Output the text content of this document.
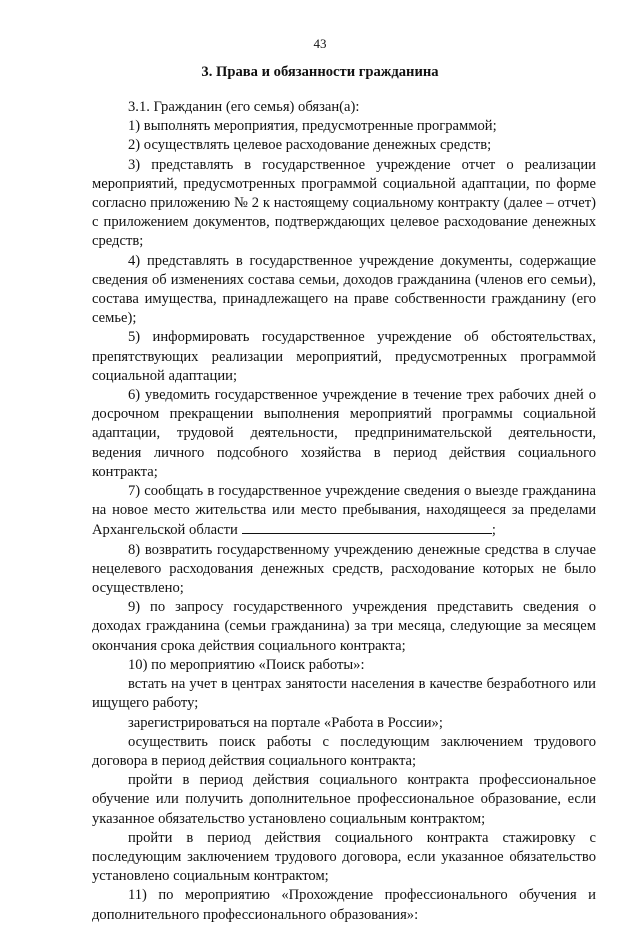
43
3. Права и обязанности гражданина

3.1. Гражданин (его семья) обязан(а):

1) выполнять мероприятия, предусмотренные программой;

2) осуществлять целевое расходование денежных средств;

3) представлять в государственное учреждение отчет о реализации мероприятий, предусмотренных программой социальной адаптации, по форме согласно приложению № 2 к настоящему социальному контракту (далее – отчет) с приложением документов, подтверждающих целевое расходование денежных средств;

4) представлять в государственное учреждение документы, содержащие сведения об изменениях состава семьи, доходов гражданина (членов его семьи), состава имущества, принадлежащего на праве собственности гражданину (его семье);

5) информировать государственное учреждение об обстоятельствах, препятствующих реализации мероприятий, предусмотренных программой социальной адаптации;

6) уведомить государственное учреждение в течение трех рабочих дней о досрочном прекращении выполнения мероприятий программы социальной адаптации, трудовой деятельности, предпринимательской деятельности, ведения личного подсобного хозяйства в период действия социального контракта;

7) сообщать в государственное учреждение сведения о выезде гражданина на новое место жительства или место пребывания, находящееся за пределами Архангельской области	;

8) возвратить государственному учреждению денежные средства в случае нецелевого расходования денежных средств, расходование которых не было осуществлено;

9) по запросу государственного учреждения представить сведения о доходах гражданина (семьи гражданина) за три месяца, следующие за месяцем окончания срока действия социального контракта;

10) по мероприятию «Поиск работы»:

встать на учет в центрах занятости населения в качестве безработного или ищущего работу;

зарегистрироваться на портале «Работа в России»;

осуществить поиск работы с последующим заключением трудового договора в период действия социального контракта;

пройти в период действия социального контракта профессиональное обучение или получить дополнительное профессиональное образование, если указанное обязательство установлено социальным контрактом;

пройти в период действия социального контракта стажировку с последующим заключением трудового договора, если указанное обязательство установлено социальным контрактом;

11) по мероприятию «Прохождение профессионального обучения и дополнительного профессионального образования»:
